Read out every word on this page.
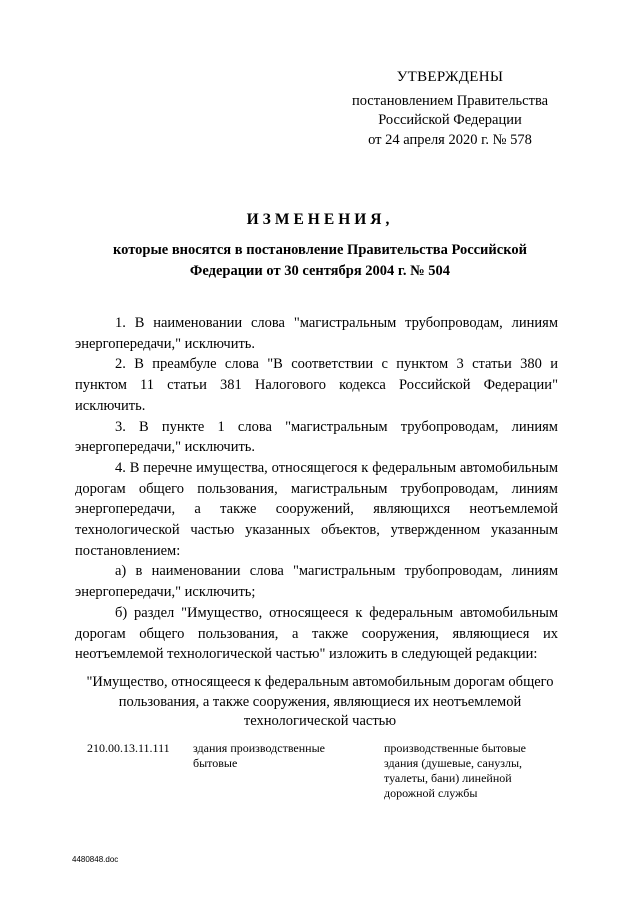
УТВЕРЖДЕНЫ
постановлением Правительства
Российской Федерации
от 24 апреля 2020 г. № 578
ИЗМЕНЕНИЯ,
которые вносятся в постановление Правительства Российской
Федерации от 30 сентября 2004 г. № 504

1. В наименовании слова "магистральным трубопроводам, линиям энергопередачи," исключить.

2. В преамбуле слова "В соответствии с пунктом 3 статьи 380 и пунктом 11 статьи 381 Налогового кодекса Российской Федерации" исключить.

3. В пункте 1 слова "магистральным трубопроводам, линиям энергопередачи," исключить.

4. В перечне имущества, относящегося к федеральным автомобильным дорогам общего пользования, магистральным трубопроводам, линиям энергопередачи, а также сооружений, являющихся неотъемлемой технологической частью указанных объектов, утвержденном указанным постановлением:

а) в наименовании слова "магистральным трубопроводам, линиям энергопередачи," исключить;

б) раздел "Имущество, относящееся к федеральным автомобильным дорогам общего пользования, а также сооружения, являющиеся их неотъемлемой технологической частью" изложить в следующей редакции:

"Имущество, относящееся к федеральным автомобильным дорогам общего
пользования, а также сооружения, являющиеся их неотъемлемой
технологической частью
210.00.13.11.111 здания производственные
бытовые
производственные бытовые
здания (душевые, санузлы,
туалеты, бани) линейной
дорожной службы
4480848.doc
